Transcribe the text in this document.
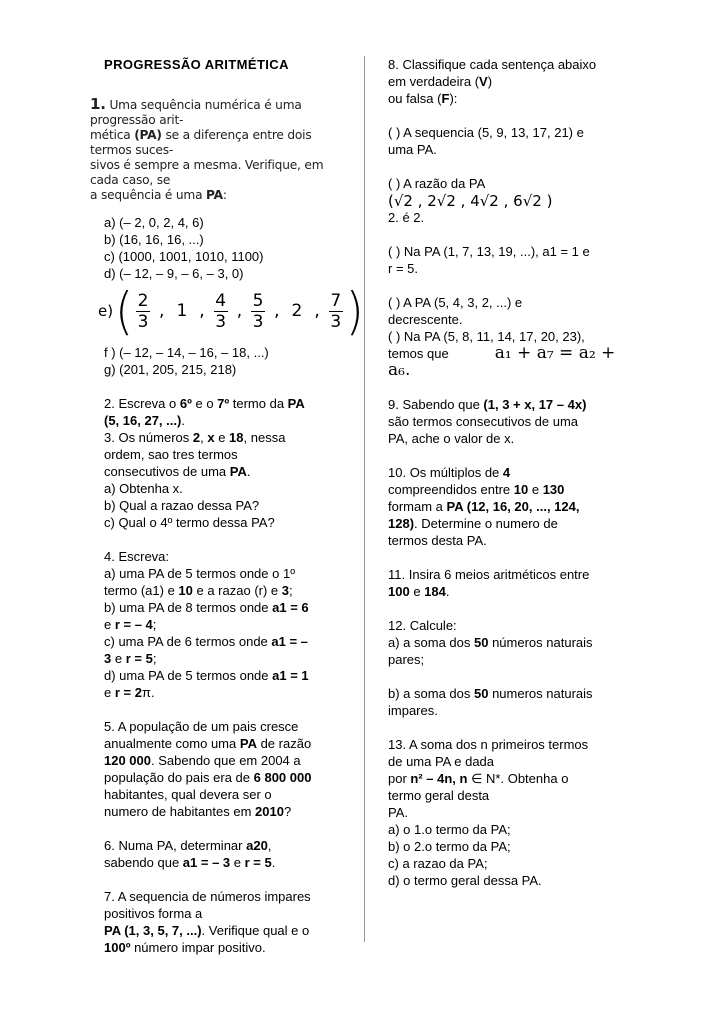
PROGRESSÃO ARITMÉTICA
1. Uma sequência numérica é uma progressão arit-
mética (PA) se a diferença entre dois termos suces-
sivos é sempre a mesma. Verifique, em cada caso, se
a sequência é uma PA:
a) (– 2, 0, 2, 4, 6)
b) (16, 16, 16, ...)
c) (1000, 1001, 1010, 1100)
d) (– 12, – 9, – 6, – 3, 0)
e) ( $\frac{2}{3}$ , 1 , $\frac{4}{3}$ , $\frac{5}{3}$ , 2 , $\frac{7}{3}$ )
f ) (– 12, – 14, – 16, – 18, ...)
g) (201, 205, 215, 218)
2. Escreva o 6º e o 7º termo da PA
(5, 16, 27, ...).
3. Os números 2, x e 18, nessa
ordem, sao tres termos
consecutivos de uma PA.
a) Obtenha x.
b) Qual a razao dessa PA?
c) Qual o 4º termo dessa PA?
4. Escreva:
a) uma PA de 5 termos onde o 1º
termo (a1) e 10 e a razao (r) e 3;
b) uma PA de 8 termos onde a1 = 6
e r = – 4;
c) uma PA de 6 termos onde a1 = –
3 e r = 5;
d) uma PA de 5 termos onde a1 = 1
e r = 2π.
5. A população de um pais cresce
anualmente como uma PA de razão
120 000. Sabendo que em 2004 a
população do pais era de 6 800 000
habitantes, qual devera ser o
numero de habitantes em 2010?
6. Numa PA, determinar a20,
sabendo que a1 = – 3 e r = 5.
7. A sequencia de números impares
positivos forma a
PA (1, 3, 5, 7, ...). Verifique qual e o
100º número impar positivo.
8. Classifique cada sentença abaixo
em verdadeira (V)
ou falsa (F):
( ) A sequencia (5, 9, 13, 17, 21) e
uma PA.
( ) A razão da PA (√2 , 2√2 , 4√2 , 6√2 )
2. é 2.
( ) Na PA (1, 7, 13, 19, ...), a1 = 1 e
r = 5.
( ) A PA (5, 4, 3, 2, ...) e
decrescente.
( ) Na PA (5, 8, 11, 14, 17, 20, 23),
temos que	a₁ + a₇ = a₂ + a₆.
9. Sabendo que (1, 3 + x, 17 – 4x)
são termos consecutivos de uma
PA, ache o valor de x.
10. Os múltiplos de 4
compreendidos entre 10 e 130
formam a PA (12, 16, 20, ..., 124,
128). Determine o numero de
termos desta PA.
11. Insira 6 meios aritméticos entre
100 e 184.
12. Calcule:
a) a soma dos 50 números naturais
pares;
b) a soma dos 50 numeros naturais
impares.
13. A soma dos n primeiros termos
de uma PA e dada
por n² – 4n, n ∈ N*. Obtenha o
termo geral desta
PA.
a) o 1.o termo da PA;
b) o 2.o termo da PA;
c) a razao da PA;
d) o termo geral dessa PA.
